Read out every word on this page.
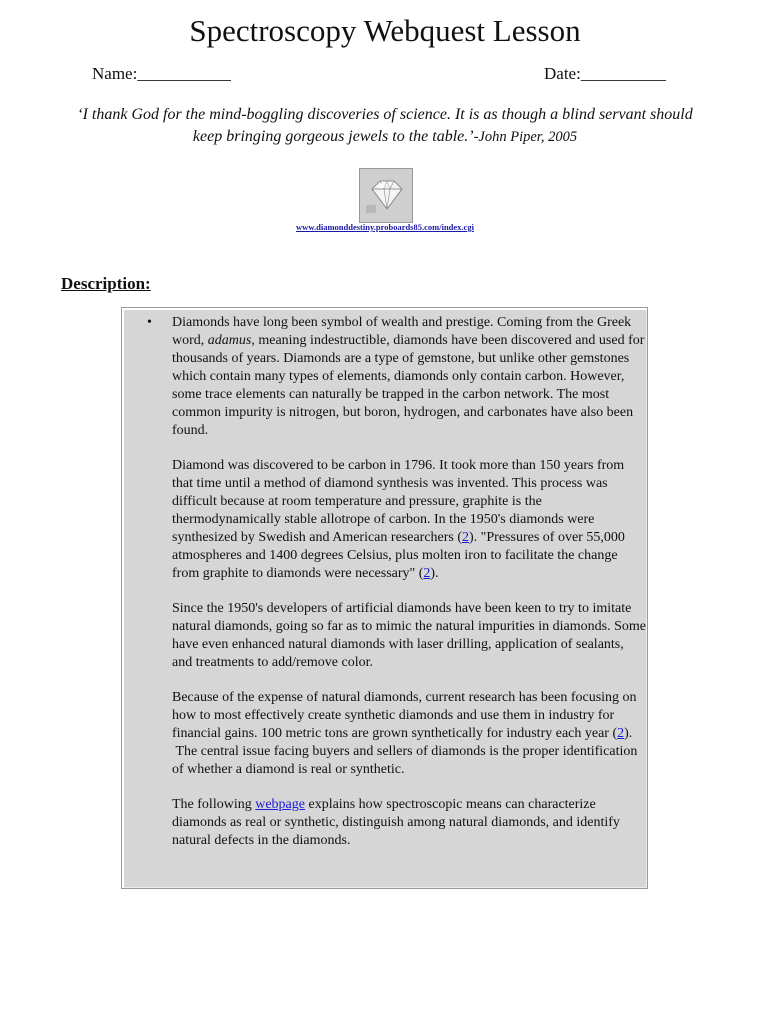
Spectroscopy Webquest Lesson
Name:___________	Date:__________
‘I thank God for the mind-boggling discoveries of science. It is as though a blind servant should keep bringing gorgeous jewels to the table.’-John Piper, 2005
www.diamonddestiny.proboards85.com/index.cgi
Description:
• Diamonds have long been symbol of wealth and prestige. Coming from the Greek word, adamus, meaning indestructible, diamonds have been discovered and used for thousands of years. Diamonds are a type of gemstone, but unlike other gemstones which contain many types of elements, diamonds only contain carbon. However, some trace elements can naturally be trapped in the carbon network. The most common impurity is nitrogen, but boron, hydrogen, and carbonates have also been found.

Diamond was discovered to be carbon in 1796. It took more than 150 years from that time until a method of diamond synthesis was invented. This process was difficult because at room temperature and pressure, graphite is the thermodynamically stable allotrope of carbon. In the 1950's diamonds were synthesized by Swedish and American researchers (2). "Pressures of over 55,000 atmospheres and 1400 degrees Celsius, plus molten iron to facilitate the change from graphite to diamonds were necessary" (2).

Since the 1950's developers of artificial diamonds have been keen to try to imitate natural diamonds, going so far as to mimic the natural impurities in diamonds. Some have even enhanced natural diamonds with laser drilling, application of sealants, and treatments to add/remove color.

Because of the expense of natural diamonds, current research has been focusing on how to most effectively create synthetic diamonds and use them in industry for financial gains. 100 metric tons are grown synthetically for industry each year (2).

The central issue facing buyers and sellers of diamonds is the proper identification of whether a diamond is real or synthetic.

The following webpage explains how spectroscopic means can characterize diamonds as real or synthetic, distinguish among natural diamonds, and identify natural defects in the diamonds.
